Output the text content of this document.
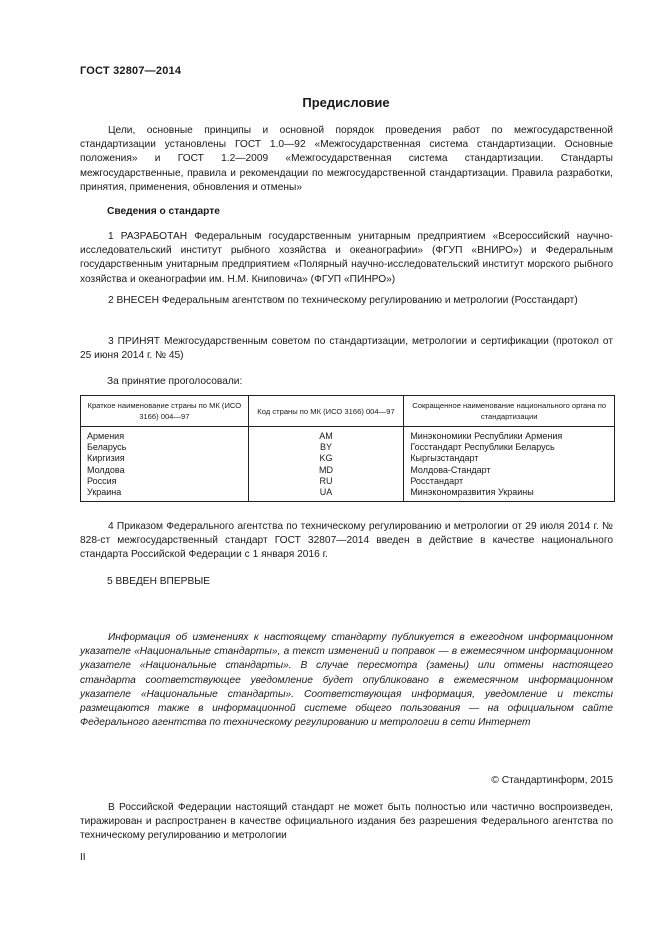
ГОСТ 32807—2014
Предисловие
Цели, основные принципы и основной порядок проведения работ по межгосударственной стандартизации установлены ГОСТ 1.0—92 «Межгосударственная система стандартизации. Основные положения» и ГОСТ 1.2—2009 «Межгосударственная система стандартизации. Стандарты межгосударственные, правила и рекомендации по межгосударственной стандартизации. Правила разработки, принятия, применения, обновления и отмены»
Сведения о стандарте
1 РАЗРАБОТАН Федеральным государственным унитарным предприятием «Всероссийский научно-исследовательский институт рыбного хозяйства и океанографии» (ФГУП «ВНИРО») и Федеральным государственным унитарным предприятием «Полярный научно-исследовательский институт морского рыбного хозяйства и океанографии им. Н.М. Книповича» (ФГУП «ПИНРО»)
2 ВНЕСЕН Федеральным агентством по техническому регулированию и метрологии (Росстандарт)
3 ПРИНЯТ Межгосударственным советом по стандартизации, метрологии и сертификации (протокол от 25 июня 2014 г. № 45)
За принятие проголосовали:
Краткое наименование страны по МК (ИСО 3166) 004—97	Код страны по МК (ИСО 3166) 004—97	Сокращенное наименование национального органа по стандартизации
Армения	AM	Минэкономики Республики Армения
Беларусь	BY	Госстандарт Республики Беларусь
Киргизия	KG	Кыргызстандарт
Молдова	MD	Молдова-Стандарт
Россия	RU	Росстандарт
Украина	UA	Минэкономразвития Украины
4 Приказом Федерального агентства по техническому регулированию и метрологии от 29 июля 2014 г. № 828-ст межгосударственный стандарт ГОСТ 32807—2014 введен в действие в качестве национального стандарта Российской Федерации с 1 января 2016 г.
5 ВВЕДЕН ВПЕРВЫЕ
Информация об изменениях к настоящему стандарту публикуется в ежегодном информационном указателе «Национальные стандарты», а текст изменений и поправок — в ежемесячном информационном указателе «Национальные стандарты». В случае пересмотра (замены) или отмены настоящего стандарта соответствующее уведомление будет опубликовано в ежемесячном информационном указателе «Национальные стандарты». Соответствующая информация, уведомление и тексты размещаются также в информационной системе общего пользования — на официальном сайте Федерального агентства по техническому регулированию и метрологии в сети Интернет
© Стандартинформ, 2015
В Российской Федерации настоящий стандарт не может быть полностью или частично воспроизведен, тиражирован и распространен в качестве официального издания без разрешения Федерального агентства по техническому регулированию и метрологии
II
